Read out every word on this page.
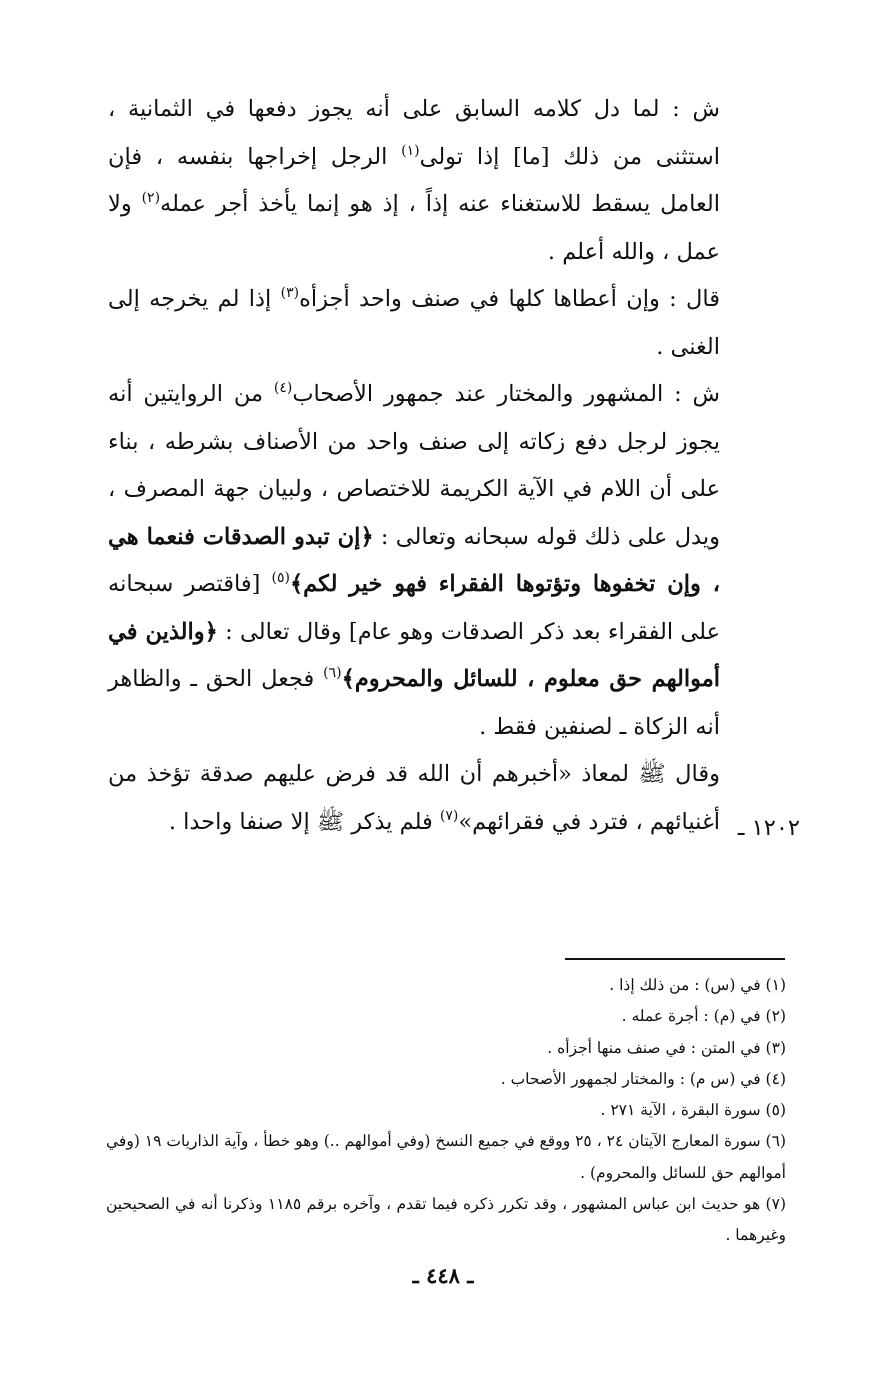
ش : لما دل كلامه السابق على أنه يجوز دفعها في الثمانية ، استثنى من ذلك [ما] إذا تولى$^{(١)}$ الرجل إخراجها بنفسه ، فإن العامل يسقط للاستغناء عنه إذاً ، إذ هو إنما يأخذ أجر عمله$^{(٢)}$ ولا عمل ، والله أعلم .

قال : وإن أعطاها كلها في صنف واحد أجزأه$^{(٣)}$ إذا لم يخرجه إلى الغنى .

ش : المشهور والمختار عند جمهور الأصحاب$^{(٤)}$ من الروايتين أنه يجوز لرجل دفع زكاته إلى صنف واحد من الأصناف بشرطه ، بناء على أن اللام في الآية الكريمة للاختصاص ، ولبيان جهة المصرف ، ويدل على ذلك قوله سبحانه وتعالى : ﴿إن تبدو الصدقات فنعما هي ، وإن تخفوها وتؤتوها الفقراء فهو خير لكم﴾$^{(٥)}$ [فاقتصر سبحانه على الفقراء بعد ذكر الصدقات وهو عام] وقال تعالى : ﴿والذين في أموالهم حق معلوم ، للسائل والمحروم﴾$^{(٦)}$ فجعل الحق ـ والظاهر أنه الزكاة ـ لصنفين فقط .

وقال ﷺ لمعاذ «أخبرهم أن الله قد فرض عليهم صدقة تؤخذ من أغنيائهم ، فترد في فقرائهم»$^{(٧)}$ فلم يذكر ﷺ إلا صنفا واحدا .	١٢٠٢ ـ
(١) في (س) : من ذلك إذا .
(٢) في (م) : أجرة عمله .
(٣) في المتن : في صنف منها أجزأه .
(٤) في (س م) : والمختار لجمهور الأصحاب .
(٥) سورة البقرة ، الآية ٢٧١ .
(٦) سورة المعارج الآيتان ٢٤ ، ٢٥ ووقع في جميع النسخ (وفي أموالهم ..) وهو خطأ ، وآية الذاريات ١٩ (وفي أموالهم حق للسائل والمحروم) .
(٧) هو حديث ابن عباس المشهور ، وقد تكرر ذكره فيما تقدم ، وآخره برقم ١١٨٥ وذكرنا أنه في الصحيحين وغيرهما .
ـ ٤٤٨ ـ
